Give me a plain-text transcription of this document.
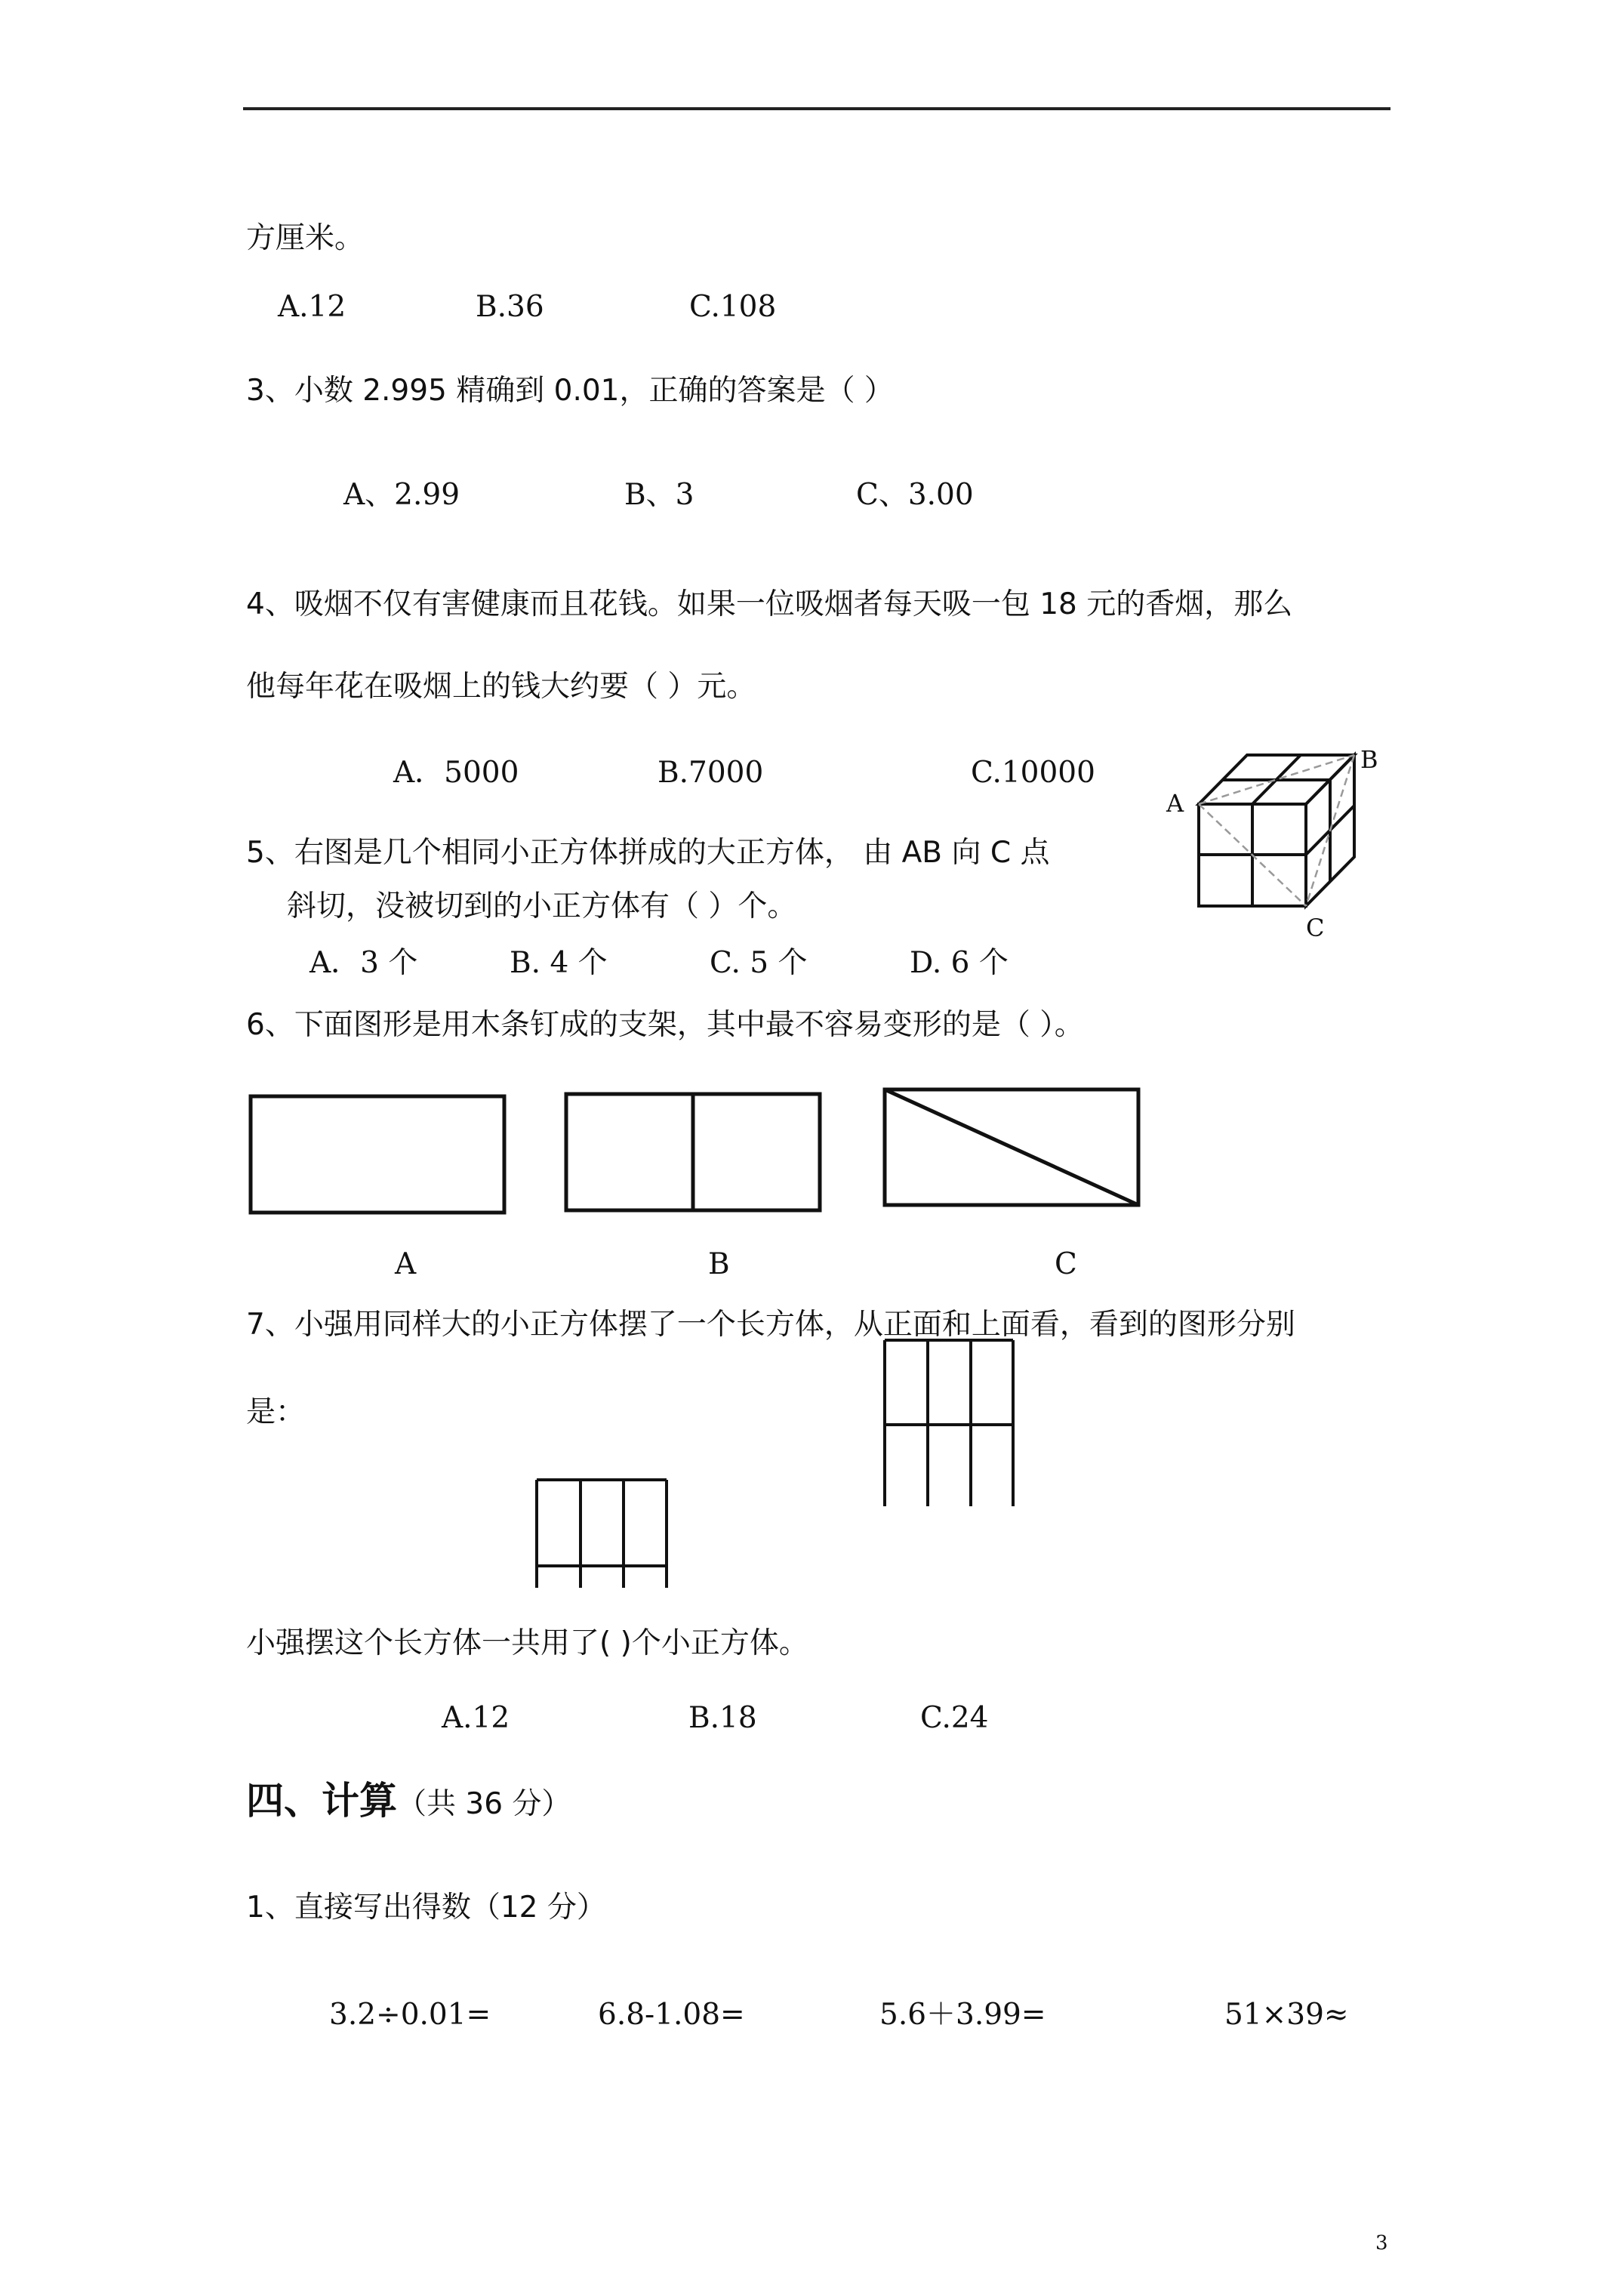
方厘米。
A.12	B.36	C.108
3、小数 2.995 精确到 0.01，正确的答案是（ ）
A、2.99	B、3	C、3.00
4、吸烟不仅有害健康而且花钱。如果一位吸烟者每天吸一包 18 元的香烟，那么
他每年花在吸烟上的钱大约要（ ）元。
A．5000	B.7000	C.10000
5、右图是几个相同小正方体拼成的大正方体， 由 AB 向 C 点
斜切，没被切到的小正方体有（ ）个。
A．3 个	B. 4 个	C. 5 个	D. 6 个
A
B
C
6、下面图形是用木条钉成的支架，其中最不容易变形的是（ ）。
A	B	C
7、小强用同样大的小正方体摆了一个长方体，从正面和上面看，看到的图形分别
是：
小强摆这个长方体一共用了( )个小正方体。
A.12	B.18	C.24
四、计算（共 36 分）
1、直接写出得数（12 分）
3.2÷0.01=	6.8-1.08=	5.6＋3.99=	51×39≈
3
